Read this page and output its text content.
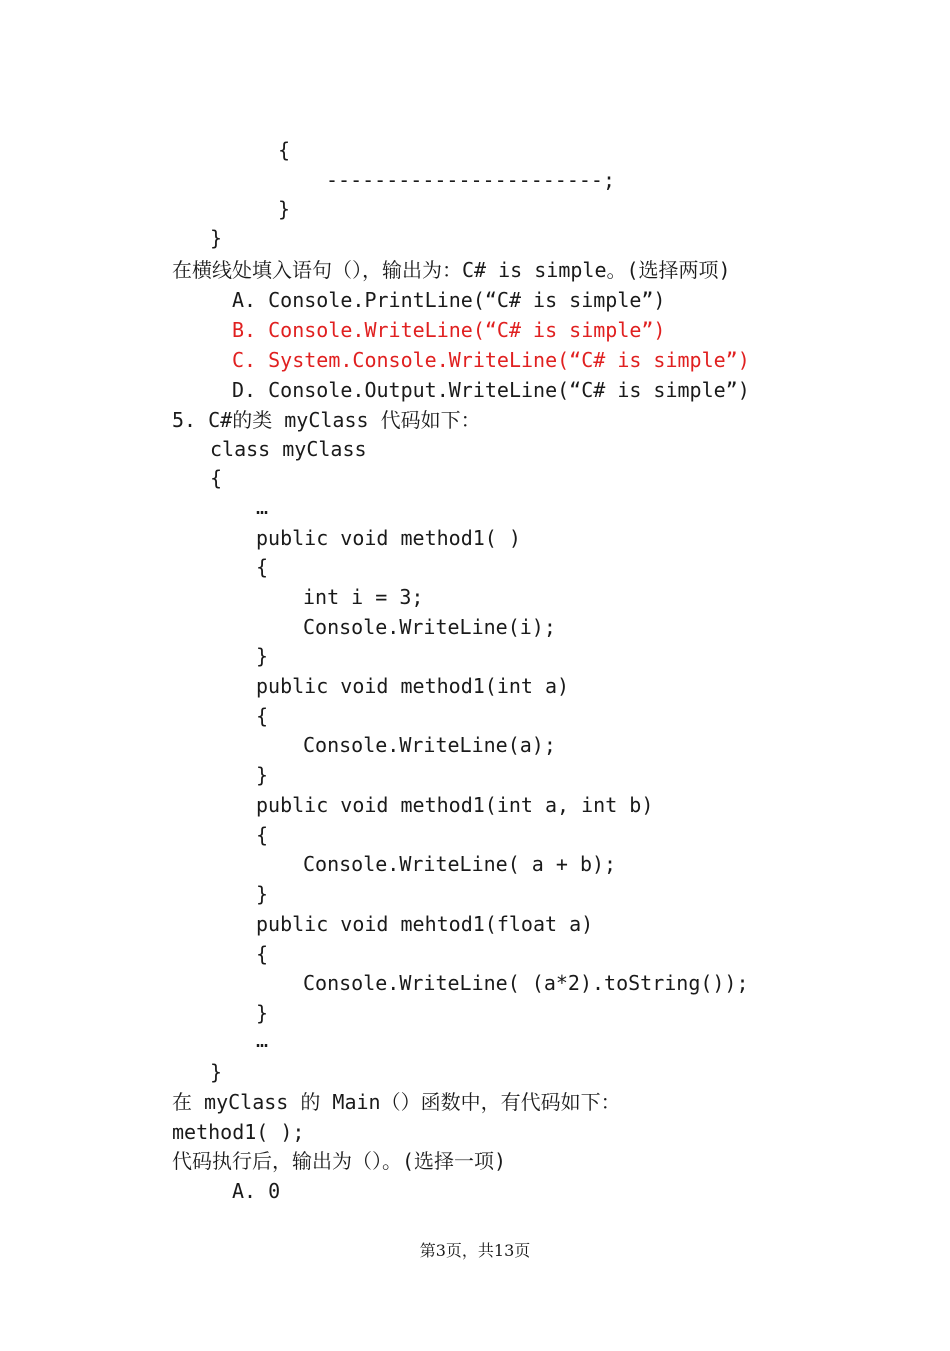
{
-----------------------;
}
}
在横线处填入语句（），输出为：C# is simple。(选择两项)
A. Console.PrintLine(“C# is simple”)
B. Console.WriteLine(“C# is simple”)
C. System.Console.WriteLine(“C# is simple”)
D. Console.Output.WriteLine(“C# is simple”)
5. C#的类 myClass 代码如下：
class myClass
{
…
public void method1( )
{
int i = 3;
Console.WriteLine(i);
}
public void method1(int a)
{
Console.WriteLine(a);
}
public void method1(int a, int b)
{
Console.WriteLine( a + b);
}
public void mehtod1(float a)
{
Console.WriteLine( (a*2).toString());
}
…
}
在 myClass 的 Main（）函数中，有代码如下：
method1( );
代码执行后，输出为（）。(选择一项)
A. 0
第3页，共13页
